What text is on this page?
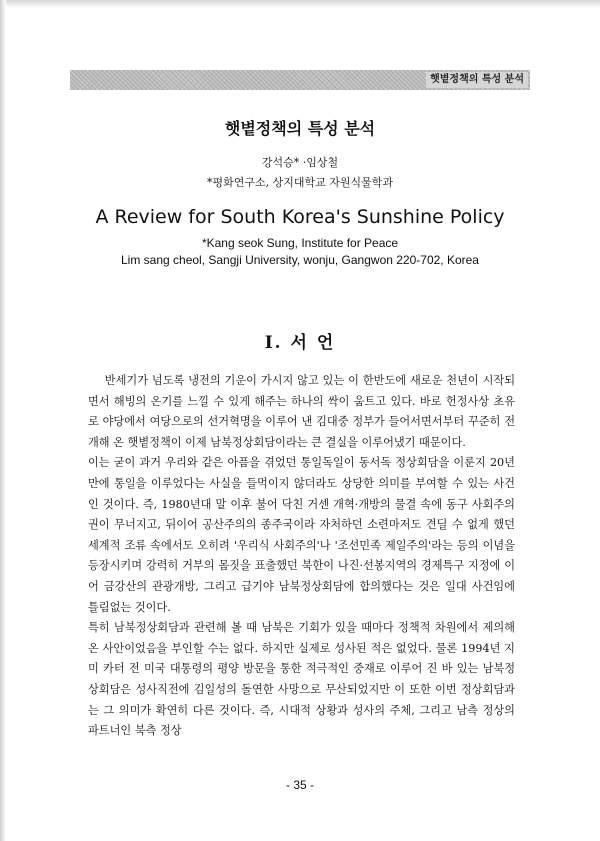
햇볕정책의 특성 분석
햇볕정책의 특성 분석
강석승* ·임상철
*평화연구소, 상지대학교 자원식물학과
A Review for South Korea's Sunshine Policy
*Kang seok Sung, Institute for Peace
Lim sang cheol, Sangji University, wonju, Gangwon 220-702, Korea
Ⅰ. 서 언

반세기가 넘도록 냉전의 기운이 가시지 않고 있는 이 한반도에 새로운 천년이 시작되면서 해빙의 온기를 느낄 수 있게 해주는 하나의 싹이 움트고 있다. 바로 헌정사상 초유로 야당에서 여당으로의 선거혁명을 이루어 낸 김대중 정부가 들어서면서부터 꾸준히 전개해 온 햇볕정책이 이제 남북정상회담이라는 큰 결실을 이루어냈기 때문이다.

이는 굳이 과거 우리와 같은 아픔을 겪었던 통일독일이 동서독 정상회담을 이룬지 20년 만에 통일을 이루었다는 사실을 들먹이지 않더라도 상당한 의미를 부여할 수 있는 사건인 것이다. 즉, 1980년대 말 이후 불어 닥친 거센 개혁·개방의 물결 속에 동구 사회주의권이 무너지고, 뒤이어 공산주의의 종주국이라 자처하던 소련마저도 견딜 수 없게 했던 세계적 조류 속에서도 오히려 '우리식 사회주의'나 '조선민족 제일주의'라는 등의 이념을 등장시키며 강력히 거부의 몸짓을 표출했던 북한이 나진·선봉지역의 경제특구 지정에 이어 금강산의 관광개방, 그리고 급기야 남북정상회담에 합의했다는 것은 일대 사건임에 틀림없는 것이다.

특히 남북정상회담과 관련해 볼 때 남북은 기회가 있을 때마다 정책적 차원에서 제의해 온 사안이었음을 부인할 수는 없다. 하지만 실제로 성사된 적은 없었다. 물론 1994년 지미 카터 전 미국 대통령의 평양 방문을 통한 적극적인 중재로 이루어 진 바 있는 남북정상회담은 성사직전에 김일성의 돌연한 사망으로 무산되었지만 이 또한 이번 정상회담과는 그 의미가 확연히 다른 것이다. 즉, 시대적 상황과 성사의 주체, 그리고 남측 정상의 파트너인 북측 정상

- 35 -
